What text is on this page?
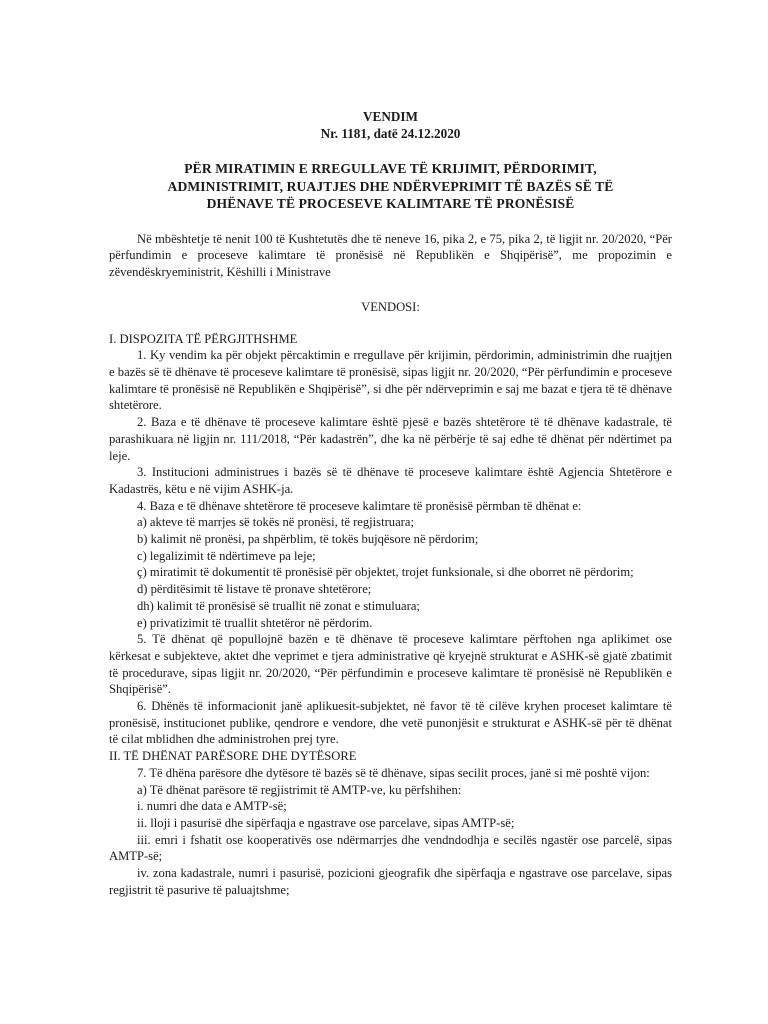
VENDIM
Nr. 1181, datë 24.12.2020
PËR MIRATIMIN E RREGULLAVE TË KRIJIMIT, PËRDORIMIT,
ADMINISTRIMIT, RUAJTJES DHE NDËRVEPRIMIT TË BAZËS SË TË
DHËNAVE TË PROCESEVE KALIMTARE TË PRONËSISË

Në mbështetje të nenit 100 të Kushtetutës dhe të neneve 16, pika 2, e 75, pika 2, të ligjit nr. 20/2020, “Për përfundimin e proceseve kalimtare të pronësisë në Republikën e Shqipërisë”, me propozimin e zëvendëskryeministrit, Këshilli i Ministrave

VENDOSI:

I. DISPOZITA TË PËRGJITHSHME

1. Ky vendim ka për objekt përcaktimin e rregullave për krijimin, përdorimin, administrimin dhe ruajtjen e bazës së të dhënave të proceseve kalimtare të pronësisë, sipas ligjit nr. 20/2020, “Për përfundimin e proceseve kalimtare të pronësisë në Republikën e Shqipërisë”, si dhe për ndërveprimin e saj me bazat e tjera të të dhënave shtetërore.

2. Baza e të dhënave të proceseve kalimtare është pjesë e bazës shtetërore të të dhënave kadastrale, të parashikuara në ligjin nr. 111/2018, “Për kadastrën”, dhe ka në përbërje të saj edhe të dhënat për ndërtimet pa leje.

3. Institucioni administrues i bazës së të dhënave të proceseve kalimtare është Agjencia Shtetërore e Kadastrës, këtu e në vijim ASHK-ja.

4. Baza e të dhënave shtetërore të proceseve kalimtare të pronësisë përmban të dhënat e:

a) akteve të marrjes së tokës në pronësi, të regjistruara;

b) kalimit në pronësi, pa shpërblim, të tokës bujqësore në përdorim;

c) legalizimit të ndërtimeve pa leje;

ç) miratimit të dokumentit të pronësisë për objektet, trojet funksionale, si dhe oborret në përdorim;

d) përditësimit të listave të pronave shtetërore;

dh) kalimit të pronësisë së truallit në zonat e stimuluara;

e) privatizimit të truallit shtetëror në përdorim.

5. Të dhënat që popullojnë bazën e të dhënave të proceseve kalimtare përftohen nga aplikimet ose kërkesat e subjekteve, aktet dhe veprimet e tjera administrative që kryejnë strukturat e ASHK-së gjatë zbatimit të procedurave, sipas ligjit nr. 20/2020, “Për përfundimin e proceseve kalimtare të pronësisë në Republikën e Shqipërisë”.

6. Dhënës të informacionit janë aplikuesit-subjektet, në favor të të cilëve kryhen proceset kalimtare të pronësisë, institucionet publike, qendrore e vendore, dhe vetë punonjësit e strukturat e ASHK-së për të dhënat të cilat mblidhen dhe administrohen prej tyre.

II. TË DHËNAT PARËSORE DHE DYTËSORE

7. Të dhëna parësore dhe dytësore të bazës së të dhënave, sipas secilit proces, janë si më poshtë vijon:

a) Të dhënat parësore të regjistrimit të AMTP-ve, ku përfshihen:

i. numri dhe data e AMTP-së;

ii. lloji i pasurisë dhe sipërfaqja e ngastrave ose parcelave, sipas AMTP-së;

iii. emri i fshatit ose kooperativës ose ndërmarrjes dhe vendndodhja e secilës ngastër ose parcelë, sipas AMTP-së;

iv. zona kadastrale, numri i pasurisë, pozicioni gjeografik dhe sipërfaqja e ngastrave ose parcelave, sipas regjistrit të pasurive të paluajtshme;
